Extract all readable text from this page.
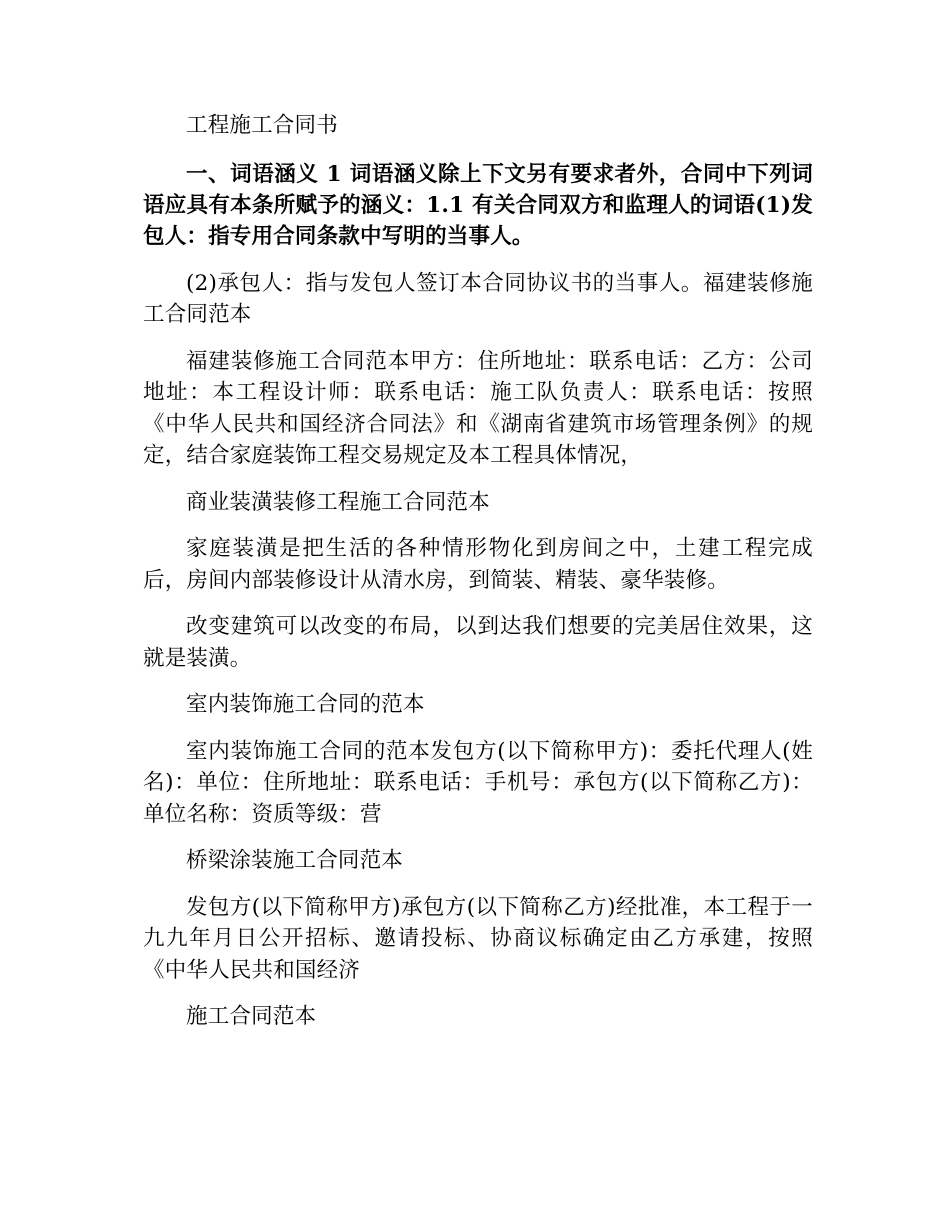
工程施工合同书

一、词语涵义 1 词语涵义除上下文另有要求者外，合同中下列词语应具有本条所赋予的涵义：1.1 有关合同双方和监理人的词语(1)发包人：指专用合同条款中写明的当事人。

(2)承包人：指与发包人签订本合同协议书的当事人。福建装修施工合同范本

福建装修施工合同范本甲方：住所地址：联系电话：乙方：公司地址：本工程设计师：联系电话：施工队负责人：联系电话：按照《中华人民共和国经济合同法》和《湖南省建筑市场管理条例》的规定，结合家庭装饰工程交易规定及本工程具体情况，

商业装潢装修工程施工合同范本

家庭装潢是把生活的各种情形物化到房间之中，土建工程完成后，房间内部装修设计从清水房，到简装、精装、豪华装修。

改变建筑可以改变的布局，以到达我们想要的完美居住效果，这就是装潢。

室内装饰施工合同的范本

室内装饰施工合同的范本发包方(以下简称甲方)：委托代理人(姓名)：单位：住所地址：联系电话：手机号：承包方(以下简称乙方)：单位名称：资质等级：营

桥梁涂装施工合同范本

发包方(以下简称甲方)承包方(以下简称乙方)经批准，本工程于一九九年月日公开招标、邀请投标、协商议标确定由乙方承建，按照《中华人民共和国经济

施工合同范本
